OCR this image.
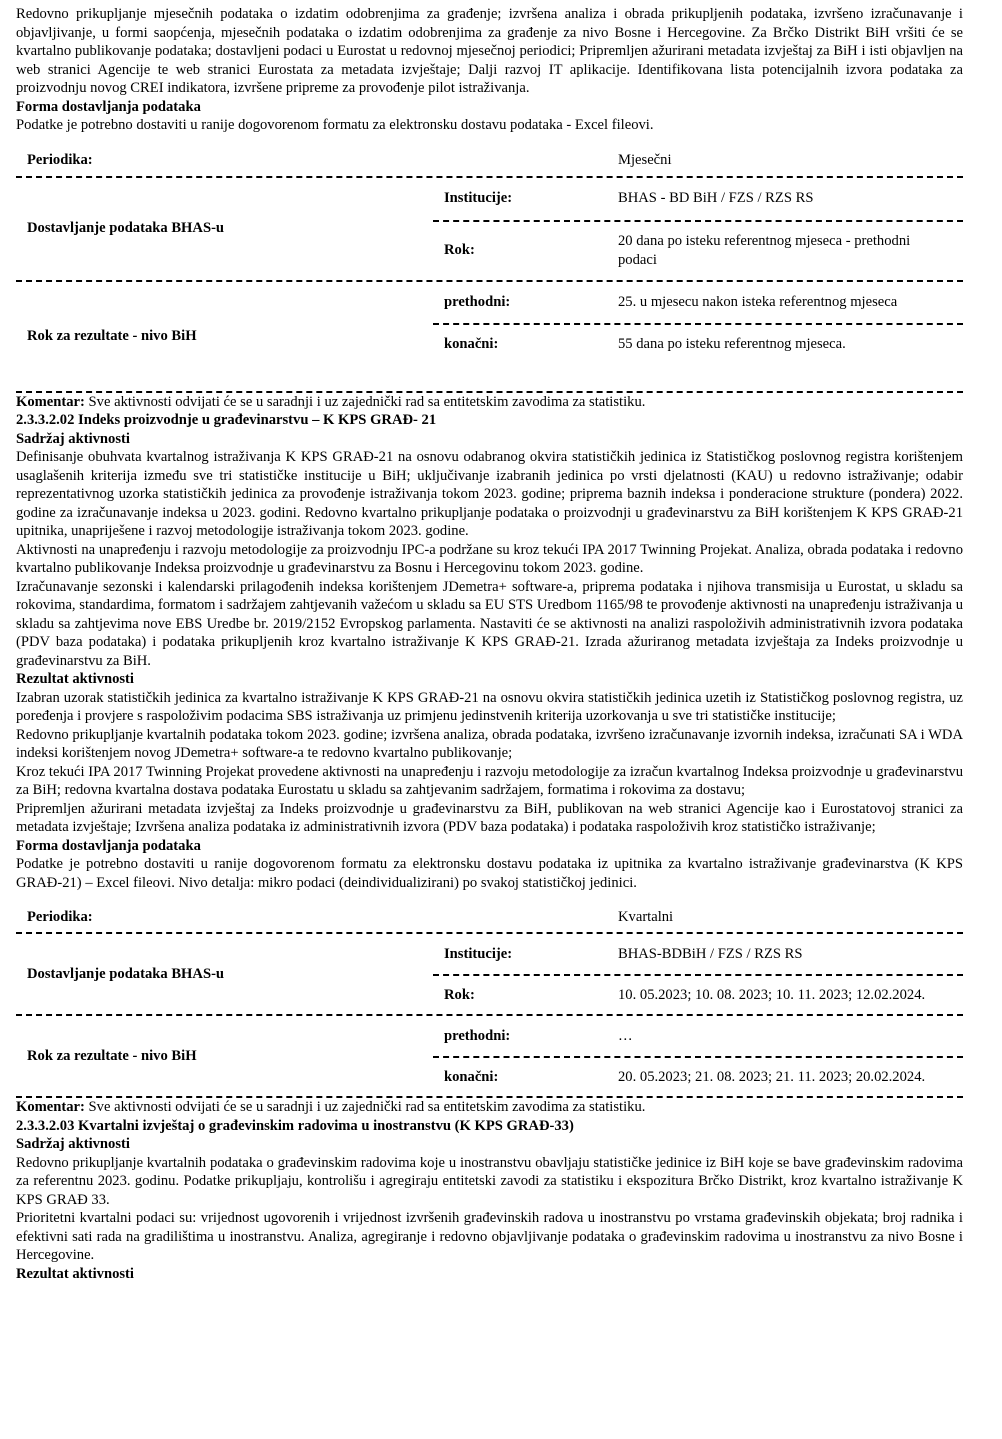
Redovno prikupljanje mjesečnih podataka o izdatim odobrenjima za građenje; izvršena analiza i obrada prikupljenih podataka, izvršeno izračunavanje i objavljivanje, u formi saopćenja, mjesečnih podataka o izdatim odobrenjima za građenje za nivo Bosne i Hercegovine. Za Brčko Distrikt BiH vršiti će se kvartalno publikovanje podataka; dostavljeni podaci u Eurostat u redovnoj mjesečnoj periodici; Pripremljen ažurirani metadata izvještaj za BiH i isti objavljen na web stranici Agencije te web stranici Eurostata za metadata izvještaje; Dalji razvoj IT aplikacije. Identifikovana lista potencijalnih izvora podataka za proizvodnju novog CREI indikatora, izvršene pripreme za provođenje pilot istraživanja.

Forma dostavljanja podataka

Podatke je potrebno dostaviti u ranije dogovorenom formatu za elektronsku dostavu podataka - Excel fileovi.

Periodika:		Mjesečni

Dostavljanje podataka BHAS-u	Institucije:	BHAS - BD BiH / FZS / RZS RS

	Rok:	20 dana po isteku referentnog mjeseca - prethodni podaci

Rok za rezultate - nivo BiH	prethodni:	25. u mjesecu nakon isteka referentnog mjeseca

	konačni:	55 dana po isteku referentnog mjeseca.

Komentar: Sve aktivnosti odvijati će se u saradnji i uz zajednički rad sa entitetskim zavodima za statistiku.

2.3.3.2.02 Indeks proizvodnje u građevinarstvu – K KPS GRAĐ- 21
Sadržaj aktivnosti

Definisanje obuhvata kvartalnog istraživanja K KPS GRAĐ-21 na osnovu odabranog okvira statističkih jedinica iz Statističkog poslovnog registra korištenjem usaglašenih kriterija između sve tri statističke institucije u BiH; uključivanje izabranih jedinica po vrsti djelatnosti (KAU) u redovno istraživanje; odabir reprezentativnog uzorka statističkih jedinica za provođenje istraživanja tokom 2023. godine; priprema baznih indeksa i ponderacione strukture (pondera) 2022. godine za izračunavanje indeksa u 2023. godini. Redovno kvartalno prikupljanje podataka o proizvodnji u građevinarstvu za BiH korištenjem K KPS GRAĐ-21 upitnika, unapriješene i razvoj metodologije istraživanja tokom 2023. godine.

Aktivnosti na unapređenju i razvoju metodologije za proizvodnju IPC-a podržane su kroz tekući IPA 2017 Twinning Projekat. Analiza, obrada podataka i redovno kvartalno publikovanje Indeksa proizvodnje u građevinarstvu za Bosnu i Hercegovinu tokom 2023. godine.

Izračunavanje sezonski i kalendarski prilagođenih indeksa korištenjem JDemetra+ software-a, priprema podataka i njihova transmisija u Eurostat, u skladu sa rokovima, standardima, formatom i sadržajem zahtjevanih važećom u skladu sa EU STS Uredbom 1165/98 te provođenje aktivnosti na unapređenju istraživanja u skladu sa zahtjevima nove EBS Uredbe br. 2019/2152 Evropskog parlamenta. Nastaviti će se aktivnosti na analizi raspoloživih administrativnih izvora podataka (PDV baza podataka) i podataka prikupljenih kroz kvartalno istraživanje K KPS GRAĐ-21. Izrada ažuriranog metadata izvještaja za Indeks proizvodnje u građevinarstvu za BiH.

Rezultat aktivnosti

Izabran uzorak statističkih jedinica za kvartalno istraživanje K KPS GRAĐ-21 na osnovu okvira statističkih jedinica uzetih iz Statističkog poslovnog registra, uz poređenja i provjere s raspoloživim podacima SBS istraživanja uz primjenu jedinstvenih kriterija uzorkovanja u sve tri statističke institucije;

Redovno prikupljanje kvartalnih podataka tokom 2023. godine; izvršena analiza, obrada podataka, izvršeno izračunavanje izvornih indeksa, izračunati SA i WDA indeksi korištenjem novog JDemetra+ software-a te redovno kvartalno publikovanje;

Kroz tekući IPA 2017 Twinning Projekat provedene aktivnosti na unapređenju i razvoju metodologije za izračun kvartalnog Indeksa proizvodnje u građevinarstvu za BiH; redovna kvartalna dostava podataka Eurostatu u skladu sa zahtjevanim sadržajem, formatima i rokovima za dostavu;

Pripremljen ažurirani metadata izvještaj za Indeks proizvodnje u građevinarstvu za BiH, publikovan na web stranici Agencije kao i Eurostatovoj stranici za metadata izvještaje; Izvršena analiza podataka iz administrativnih izvora (PDV baza podataka) i podataka raspoloživih kroz statističko istraživanje;

Forma dostavljanja podataka

Podatke je potrebno dostaviti u ranije dogovorenom formatu za elektronsku dostavu podataka iz upitnika za kvartalno istraživanje građevinarstva (K KPS GRAĐ-21) – Excel fileovi. Nivo detalja: mikro podaci (deindividualizirani) po svakoj statističkoj jedinici.

Periodika:		Kvartalni

Dostavljanje podataka BHAS-u	Institucije:	BHAS-BDBiH / FZS / RZS RS

	Rok:	10. 05.2023; 10. 08. 2023; 10. 11. 2023; 12.02.2024.

Rok za rezultate - nivo BiH	prethodni:	…

	konačni:	20. 05.2023; 21. 08. 2023; 21. 11. 2023; 20.02.2024.

Komentar: Sve aktivnosti odvijati će se u saradnji i uz zajednički rad sa entitetskim zavodima za statistiku.

2.3.3.2.03 Kvartalni izvještaj o građevinskim radovima u inostranstvu (K KPS GRAĐ-33)
Sadržaj aktivnosti

Redovno prikupljanje kvartalnih podataka o građevinskim radovima koje u inostranstvu obavljaju statističke jedinice iz BiH koje se bave građevinskim radovima za referentnu 2023. godinu. Podatke prikupljaju, kontrolišu i agregiraju entitetski zavodi za statistiku i ekspozitura Brčko Distrikt, kroz kvartalno istraživanje K KPS GRAĐ 33.

Prioritetni kvartalni podaci su: vrijednost ugovorenih i vrijednost izvršenih građevinskih radova u inostranstvu po vrstama građevinskih objekata; broj radnika i efektivni sati rada na gradilištima u inostranstvu. Analiza, agregiranje i redovno objavljivanje podataka o građevinskim radovima u inostranstvu za nivo Bosne i Hercegovine.

Rezultat aktivnosti
